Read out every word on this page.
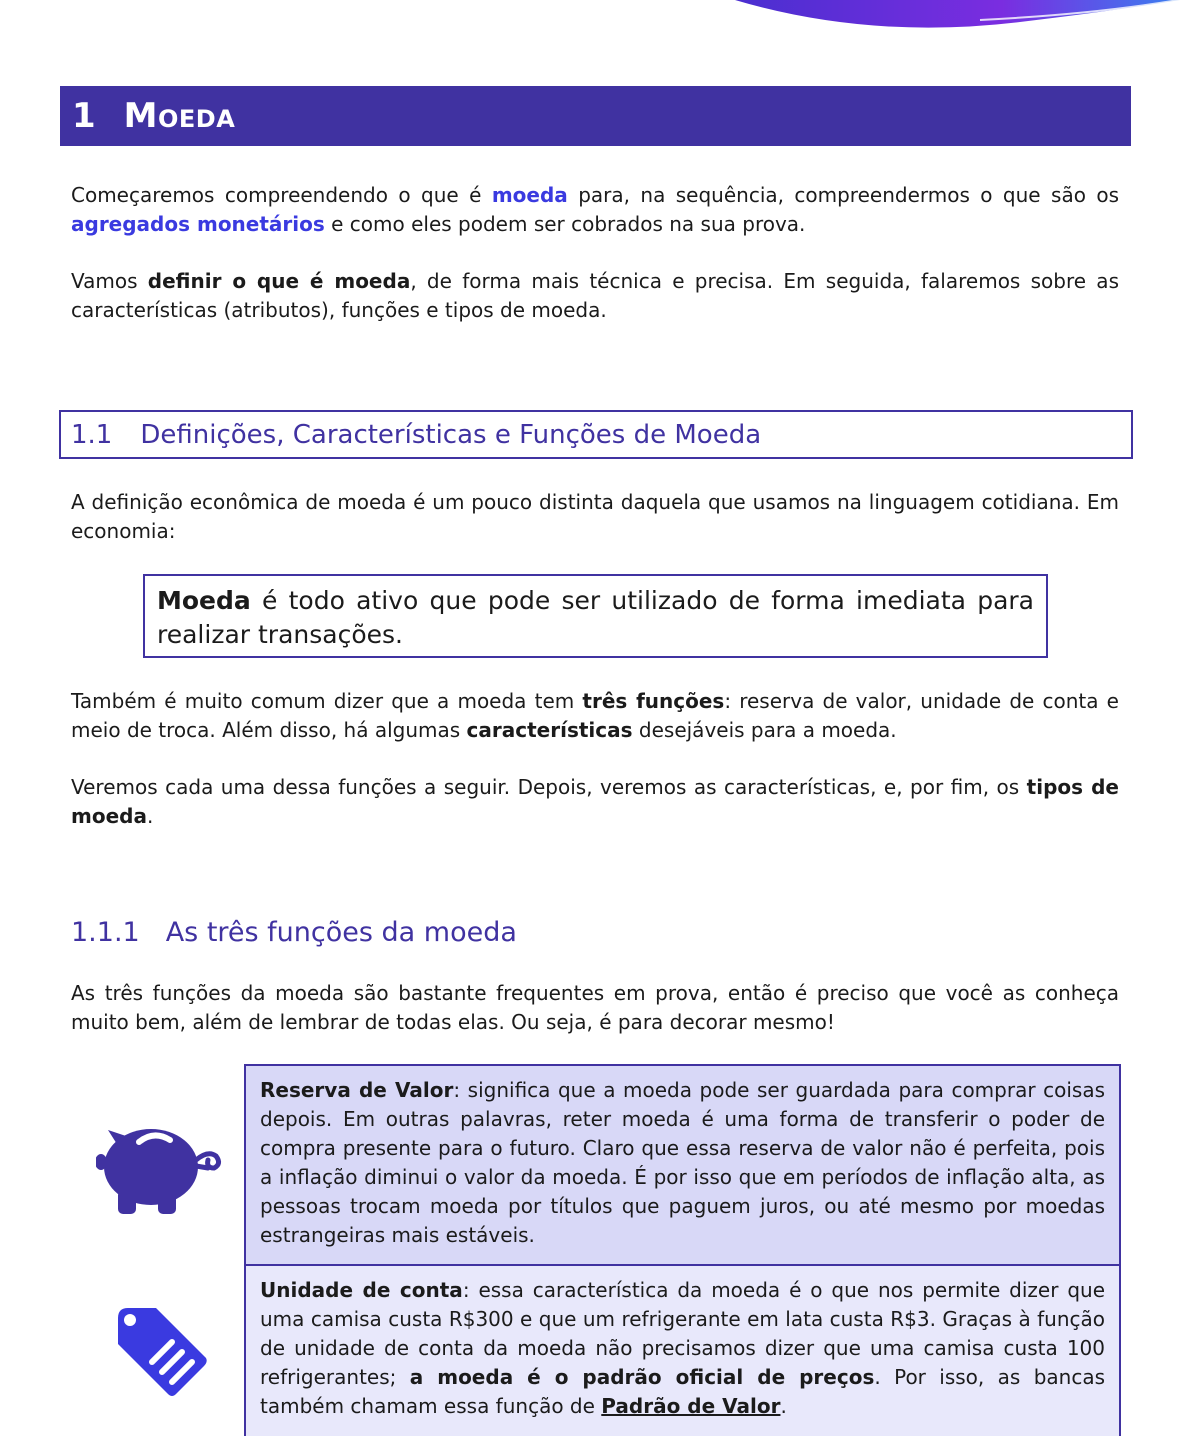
1 Moeda

Começaremos compreendendo o que é moeda para, na sequência, compreendermos o que são os agregados monetários e como eles podem ser cobrados na sua prova.

Vamos definir o que é moeda, de forma mais técnica e precisa. Em seguida, falaremos sobre as características (atributos), funções e tipos de moeda.

1.1 Definições, Características e Funções de Moeda

A definição econômica de moeda é um pouco distinta daquela que usamos na linguagem cotidiana. Em economia:

Moeda é todo ativo que pode ser utilizado de forma imediata para realizar transações.

Também é muito comum dizer que a moeda tem três funções: reserva de valor, unidade de conta e meio de troca. Além disso, há algumas características desejáveis para a moeda.

Veremos cada uma dessa funções a seguir. Depois, veremos as características, e, por fim, os tipos de moeda.

1.1.1 As três funções da moeda

As três funções da moeda são bastante frequentes em prova, então é preciso que você as conheça muito bem, além de lembrar de todas elas. Ou seja, é para decorar mesmo!

Reserva de Valor: significa que a moeda pode ser guardada para comprar coisas depois. Em outras palavras, reter moeda é uma forma de transferir o poder de compra presente para o futuro. Claro que essa reserva de valor não é perfeita, pois a inflação diminui o valor da moeda. É por isso que em períodos de inflação alta, as pessoas trocam moeda por títulos que paguem juros, ou até mesmo por moedas estrangeiras mais estáveis.
Unidade de conta: essa característica da moeda é o que nos permite dizer que uma camisa custa R$300 e que um refrigerante em lata custa R$3. Graças à função de unidade de conta da moeda não precisamos dizer que uma camisa custa 100 refrigerantes; a moeda é o padrão oficial de preços. Por isso, as bancas também chamam essa função de Padrão de Valor.
